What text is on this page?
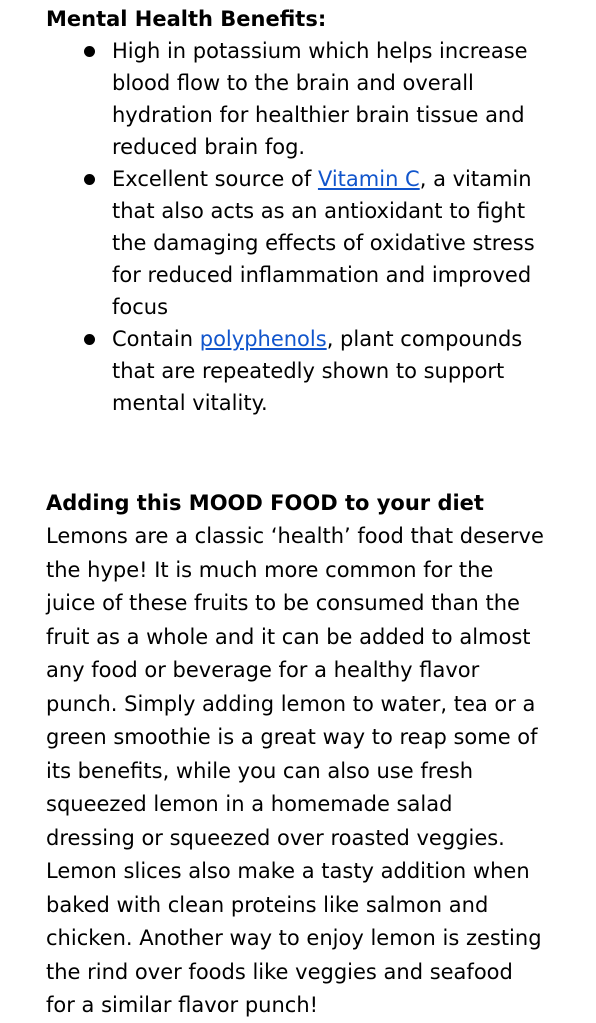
Mental Health Benefits:
High in potassium which helps increase blood flow to the brain and overall hydration for healthier brain tissue and reduced brain fog.
Excellent source of Vitamin C, a vitamin that also acts as an antioxidant to fight the damaging effects of oxidative stress for reduced inflammation and improved focus
Contain polyphenols, plant compounds that are repeatedly shown to support mental vitality.
Adding this MOOD FOOD to your diet

Lemons are a classic ‘health’ food that deserve the hype! It is much more common for the juice of these fruits to be consumed than the fruit as a whole and it can be added to almost any food or beverage for a healthy flavor punch. Simply adding lemon to water, tea or a green smoothie is a great way to reap some of its benefits, while you can also use fresh squeezed lemon in a homemade salad dressing or squeezed over roasted veggies. Lemon slices also make a tasty addition when baked with clean proteins like salmon and chicken. Another way to enjoy lemon is zesting the rind over foods like veggies and seafood for a similar flavor punch!
